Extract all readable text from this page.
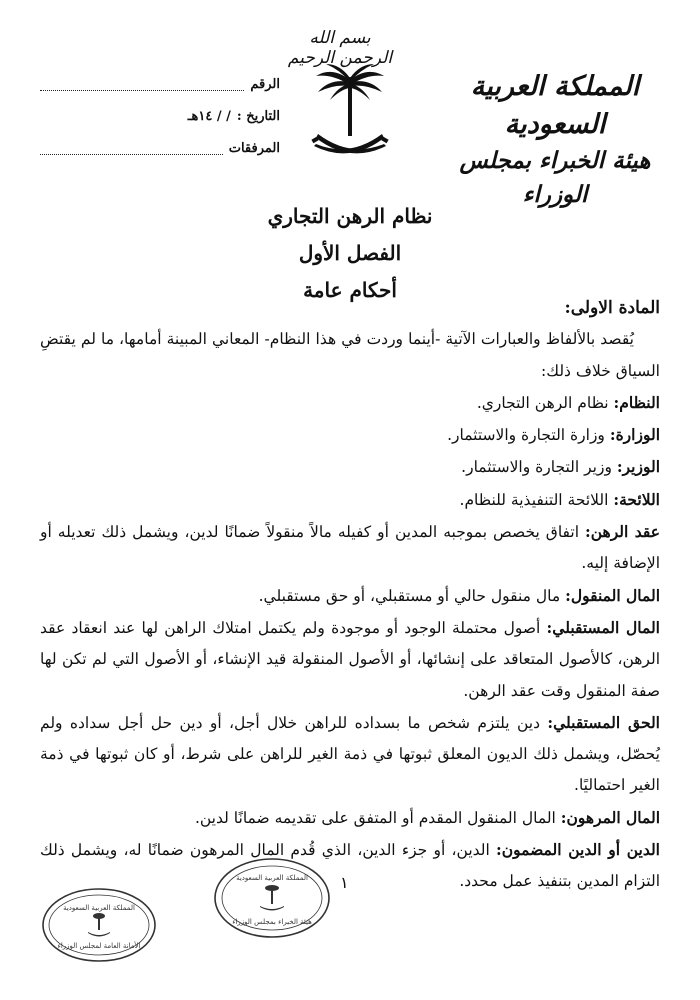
بسم الله الرحمن الرحيم
المملكة العربية السعودية
هيئة الخبراء بمجلس الوزراء
الرقم
التاريخ :
/ / ١٤هـ
المرفقات
نظام الرهن التجاري
الفصل الأول
أحكام عامة

المادة الاولى:

يُقصد بالألفاظ والعبارات الآتية -أينما وردت في هذا النظام- المعاني المبينة أمامها، ما لم يقتضِ السياق خلاف ذلك:

النظام: نظام الرهن التجاري.

الوزارة: وزارة التجارة والاستثمار.

الوزير: وزير التجارة والاستثمار.

اللائحة: اللائحة التنفيذية للنظام.

عقد الرهن: اتفاق يخصص بموجبه المدين أو كفيله مالاً منقولاً ضمانًا لدين، ويشمل ذلك تعديله أو الإضافة إليه.

المال المنقول: مال منقول حالي أو مستقبلي، أو حق مستقبلي.

المال المستقبلي: أصول محتملة الوجود أو موجودة ولم يكتمل امتلاك الراهن لها عند انعقاد عقد الرهن، كالأصول المتعاقد على إنشائها، أو الأصول المنقولة قيد الإنشاء، أو الأصول التي لم تكن لها صفة المنقول وقت عقد الرهن.

الحق المستقبلي: دين يلتزم شخص ما بسداده للراهن خلال أجل، أو دين حل أجل سداده ولم يُحصّل، ويشمل ذلك الديون المعلق ثبوتها في ذمة الغير للراهن على شرط، أو كان ثبوتها في ذمة الغير احتماليًا.

المال المرهون: المال المنقول المقدم أو المتفق على تقديمه ضمانًا لدين.

الدين أو الدين المضمون: الدين، أو جزء الدين، الذي قُدم المال المرهون ضمانًا له، ويشمل ذلك التزام المدين بتنفيذ عمل محدد.

١
المملكة العربية السعودية
الأمانة العامة لمجلس الوزراء
المملكة العربية السعودية
هيئة الخبراء بمجلس الوزراء
